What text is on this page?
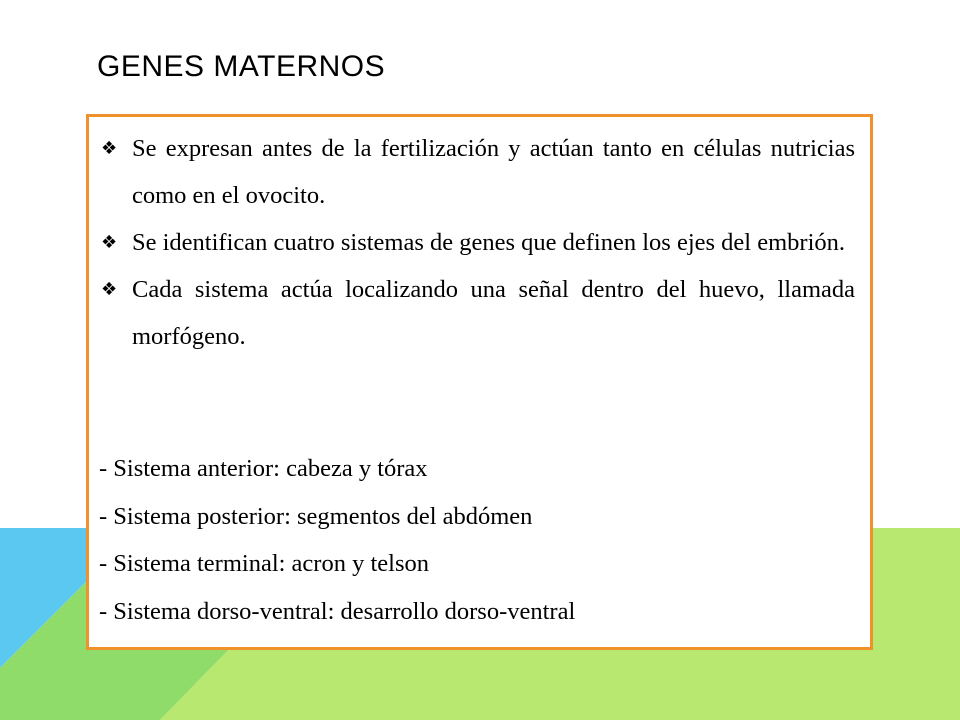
GENES MATERNOS
❖ Se expresan antes de la fertilización y actúan tanto en células nutricias como en el ovocito.
❖ Se identifican cuatro sistemas de genes que definen los ejes del embrión.
❖ Cada sistema actúa localizando una señal dentro del huevo, llamada morfógeno.
- Sistema anterior: cabeza y tórax
- Sistema posterior: segmentos del abdómen
- Sistema terminal: acron y telson
- Sistema dorso-ventral: desarrollo dorso-ventral
